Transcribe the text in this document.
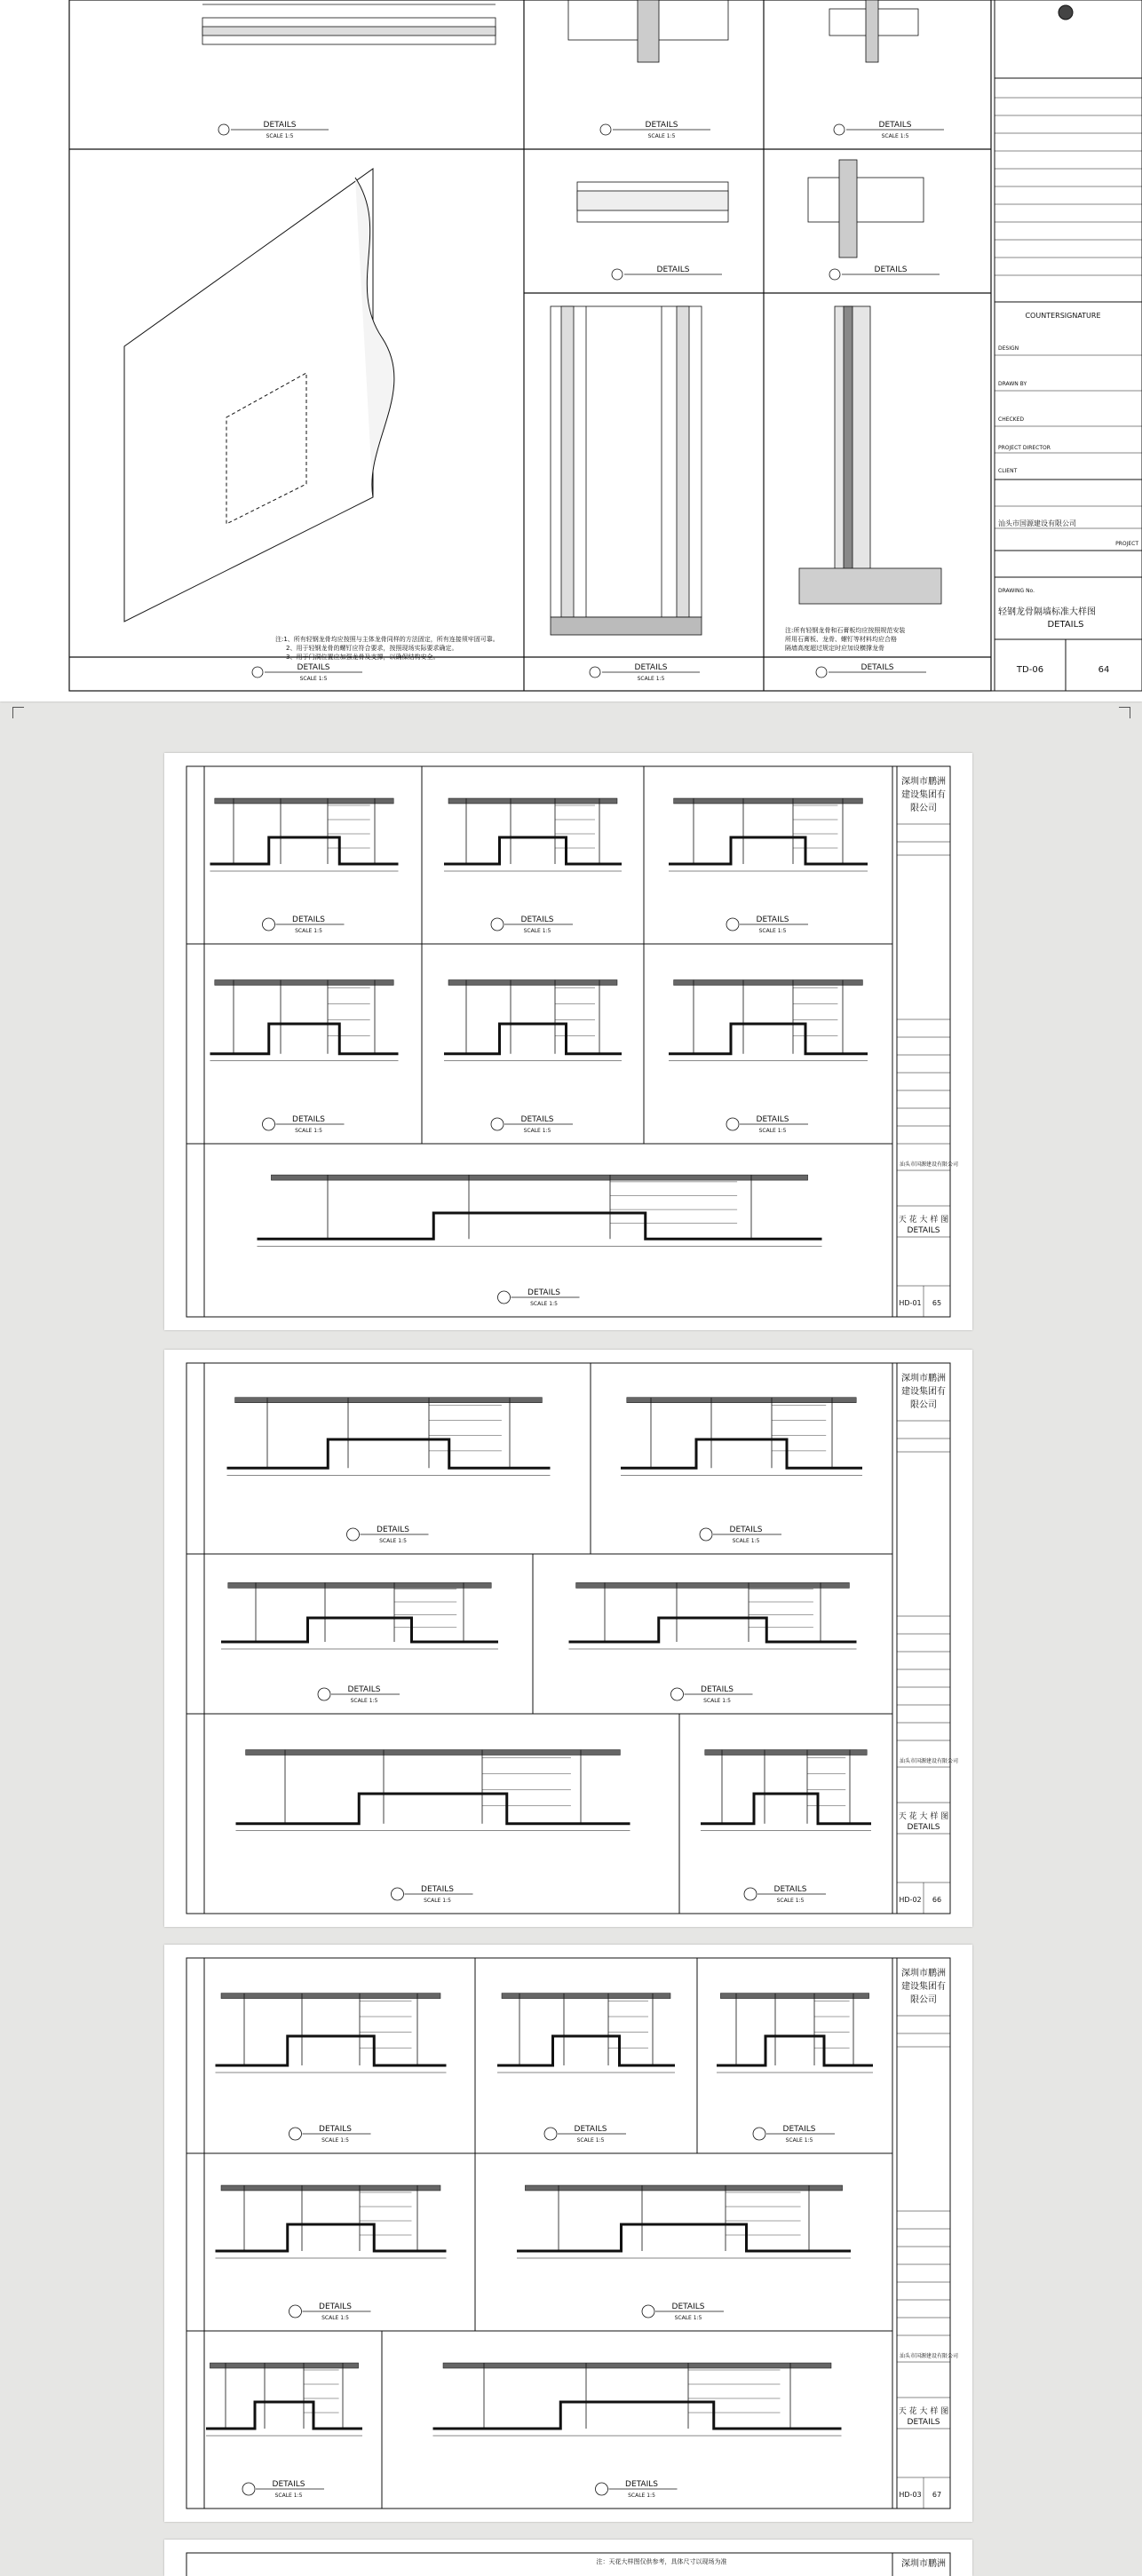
COUNTERSIGNATURE
DESIGN
DRAWN BY
CHECKED
PROJECT DIRECTOR
CLIENT
汕头市国源建设有限公司
PROJECT
DRAWING No.
轻钢龙骨隔墙标准大样图
DETAILS
TD-06	64
DETAILS	DETAILS	DETAILS
DETAILS	DETAILS
DETAILS	DETAILS	DETAILS
SCALE 1:5	SCALE 1:5	SCALE 1:5
SCALE 1:5	SCALE 1:5
注:1、所有轻钢龙骨均应按照与主体龙骨同样的方法固定，所有连接须牢固可靠。
2、用于轻钢龙骨的螺钉应符合要求，按照现场实际要求确定。
3、用于门洞位置应加强龙骨及支撑，以确保结构安全。
注:所有轻钢龙骨和石膏板均应按照规范安装
所用石膏板、龙骨、螺钉等材料均应合格
隔墙高度超过规定时应加设横撑龙骨
DETAILS
SCALE 1:5
DETAILS
SCALE 1:5
DETAILS
SCALE 1:5
DETAILS
SCALE 1:5
DETAILS
SCALE 1:5
DETAILS
SCALE 1:5
DETAILS
SCALE 1:5
深圳市鹏洲
建设集团有
限公司
汕头市国源建设有限公司
天 花 大 样 图
DETAILS
HD-01 65
DETAILS
SCALE 1:5
DETAILS
SCALE 1:5
DETAILS
SCALE 1:5
DETAILS
SCALE 1:5
DETAILS
SCALE 1:5
DETAILS
SCALE 1:5
深圳市鹏洲
建设集团有
限公司
汕头市国源建设有限公司
天 花 大 样 图
DETAILS
HD-02 66
DETAILS
SCALE 1:5
DETAILS
SCALE 1:5
DETAILS
SCALE 1:5
DETAILS
SCALE 1:5
DETAILS
SCALE 1:5
DETAILS
SCALE 1:5
DETAILS
SCALE 1:5
深圳市鹏洲
建设集团有
限公司
汕头市国源建设有限公司
天 花 大 样 图
DETAILS
HD-03 67
注：天花大样图仅供参考，具体尺寸以现场为准	深圳市鹏洲
